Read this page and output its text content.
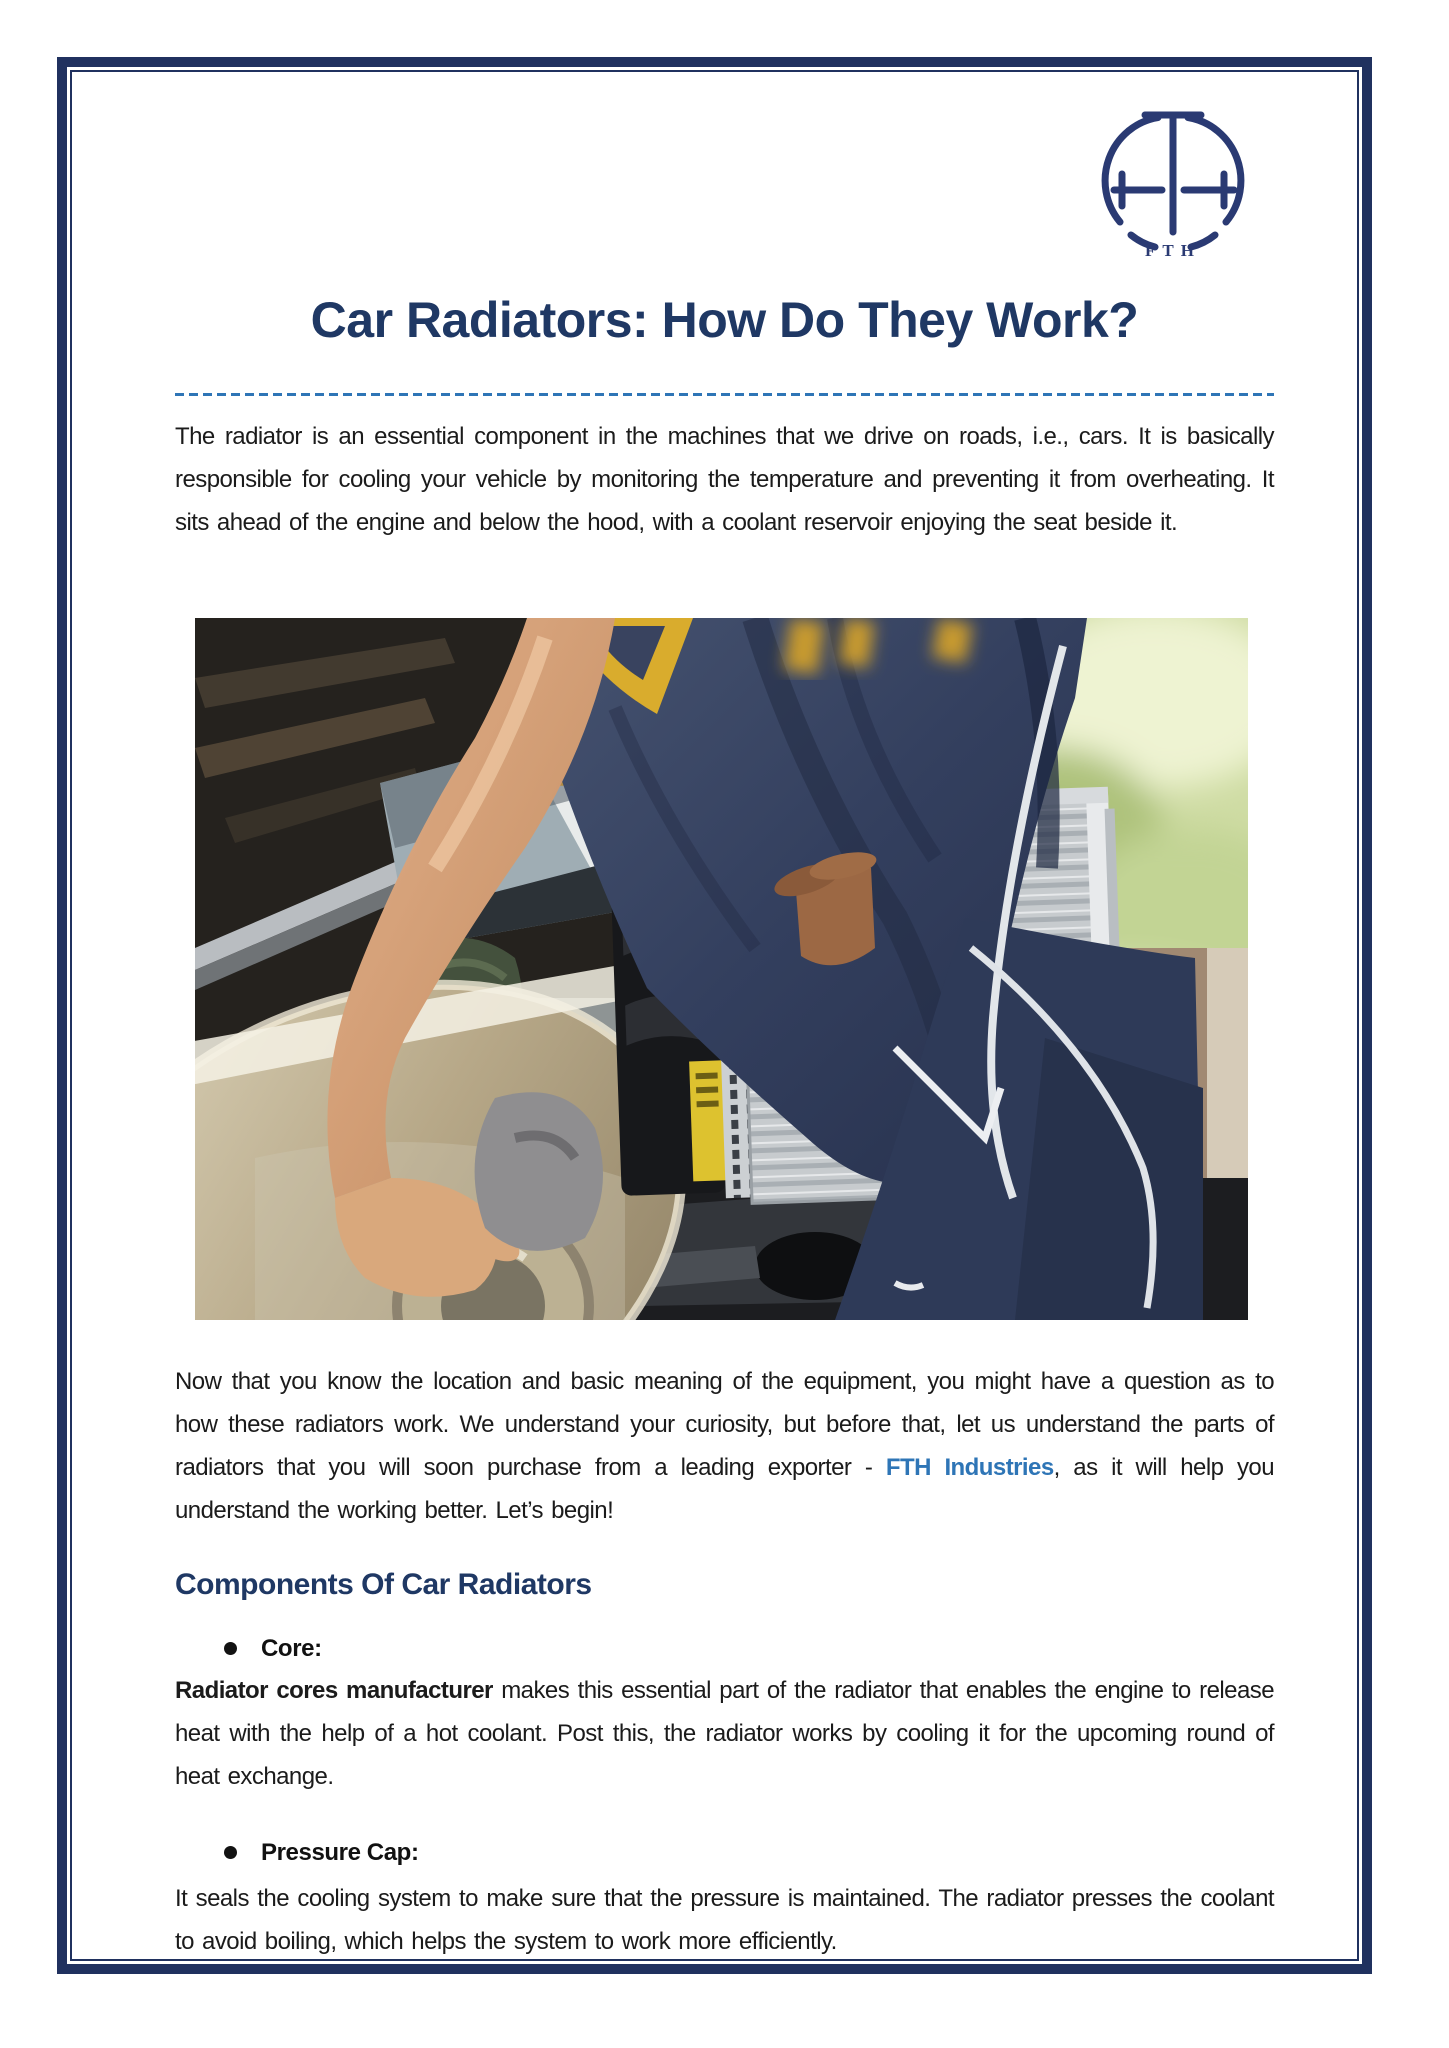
FTH
Car Radiators: How Do They Work?
The radiator is an essential component in the machines that we drive on roads, i.e., cars. It is basically responsible for cooling your vehicle by monitoring the temperature and preventing it from overheating. It sits ahead of the engine and below the hood, with a coolant reservoir enjoying the seat beside it.
Now that you know the location and basic meaning of the equipment, you might have a question as to how these radiators work. We understand your curiosity, but before that, let us understand the parts of radiators that you will soon purchase from a leading exporter - FTH Industries, as it will help you understand the working better. Let’s begin!
Components Of Car Radiators
Core:
Radiator cores manufacturer makes this essential part of the radiator that enables the engine to release heat with the help of a hot coolant. Post this, the radiator works by cooling it for the upcoming round of heat exchange.
Pressure Cap:
It seals the cooling system to make sure that the pressure is maintained. The radiator presses the coolant to avoid boiling, which helps the system to work more efficiently.
